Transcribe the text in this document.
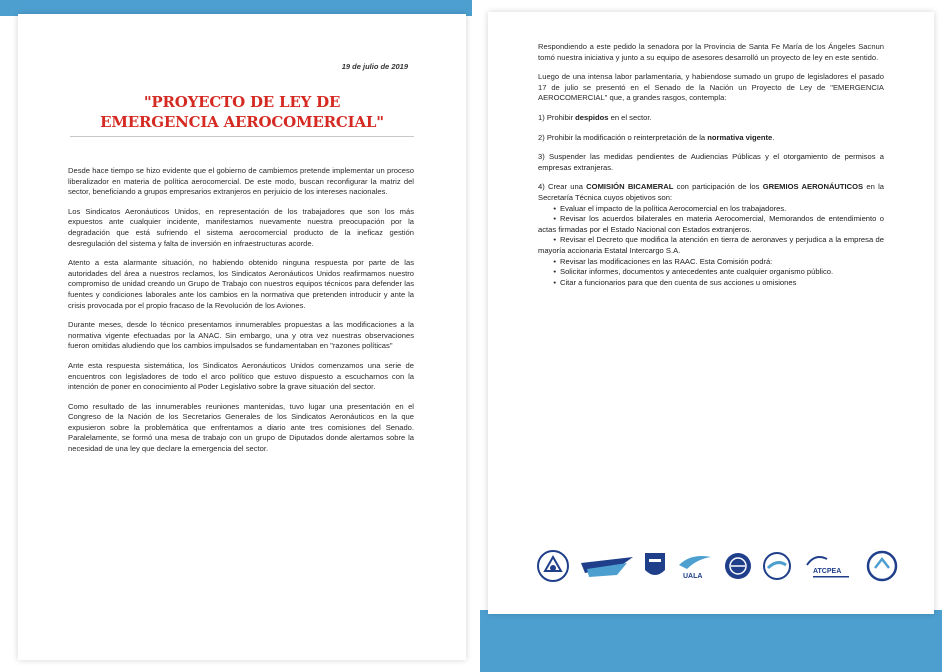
19 de julio de 2019
"PROYECTO DE LEY DE
EMERGENCIA AEROCOMERCIAL"

Desde hace tiempo se hizo evidente que el gobierno de cambiemos pretende implementar un proceso liberalizador en materia de política aerocomercial. De este modo, buscan reconfigurar la matriz del sector, beneficiando a grupos empresarios extranjeros en perjuicio de los intereses nacionales.

Los Sindicatos Aeronáuticos Unidos, en representación de los trabajadores que son los más expuestos ante cualquier incidente, manifestamos nuevamente nuestra preocupación por la degradación que está sufriendo el sistema aerocomercial producto de la ineficaz gestión desregulación del sistema y falta de inversión en infraestructuras acorde.

Atento a esta alarmante situación, no habiendo obtenido ninguna respuesta por parte de las autoridades del área a nuestros reclamos, los Sindicatos Aeronáuticos Unidos reafirmamos nuestro compromiso de unidad creando un Grupo de Trabajo con nuestros equipos técnicos para defender las fuentes y condiciones laborales ante los cambios en la normativa que pretenden introducir y ante la crisis provocada por el propio fracaso de la Revolución de los Aviones.

Durante meses, desde lo técnico presentamos innumerables propuestas a las modificaciones a la normativa vigente efectuadas por la ANAC. Sin embargo, una y otra vez nuestras observaciones fueron omitidas aludiendo que los cambios impulsados se fundamentaban en "razones políticas"

Ante esta respuesta sistemática, los Sindicatos Aeronáuticos Unidos comenzamos una serie de encuentros con legisladores de todo el arco político que estuvo dispuesto a escucharnos con la intención de poner en conocimiento al Poder Legislativo sobre la grave situación del sector.

Como resultado de las innumerables reuniones mantenidas, tuvo lugar una presentación en el Congreso de la Nación de los Secretarios Generales de los Sindicatos Aeronáuticos en la que expusieron sobre la problemática que enfrentamos a diario ante tres comisiones del Senado. Paralelamente, se formó una mesa de trabajo con un grupo de Diputados donde alertamos sobre la necesidad de una ley que declare la emergencia del sector.

Respondiendo a este pedido la senadora por la Provincia de Santa Fe María de los Ángeles Sacnun tomó nuestra iniciativa y junto a su equipo de asesores desarrolló un proyecto de ley en este sentido.

Luego de una intensa labor parlamentaria, y habiendose sumado un grupo de legisladores el pasado 17 de julio se presentó en el Senado de la Nación un Proyecto de Ley de "EMERGENCIA AEROCOMERCIAL" que, a grandes rasgos, contempla:

1) Prohibir despidos en el sector.
2) Prohibir la modificación o reinterpretación de la normativa vigente.
3) Suspender las medidas pendientes de Audiencias Públicas y el otorgamiento de permisos a empresas extranjeras.
4) Crear una COMISIÓN BICAMERAL con participación de los GREMIOS AERONÁUTICOS en la Secretaría Técnica cuyos objetivos son:
• Evaluar el impacto de la política Aerocomercial en los trabajadores.
• Revisar los acuerdos bilaterales en materia Aerocomercial, Memorandos de entendimiento o actas firmadas por el Estado Nacional con Estados extranjeros.
• Revisar el Decreto que modifica la atención en tierra de aeronaves y perjudica a la empresa de mayoría accionaria Estatal Intercargo S.A.
• Revisar las modificaciones en las RAAC. Esta Comisión podrá:
• Solicitar informes, documentos y antecedentes ante cualquier organismo público.
• Citar a funcionarios para que den cuenta de sus acciones u omisiones
UALA
ATCPEA
